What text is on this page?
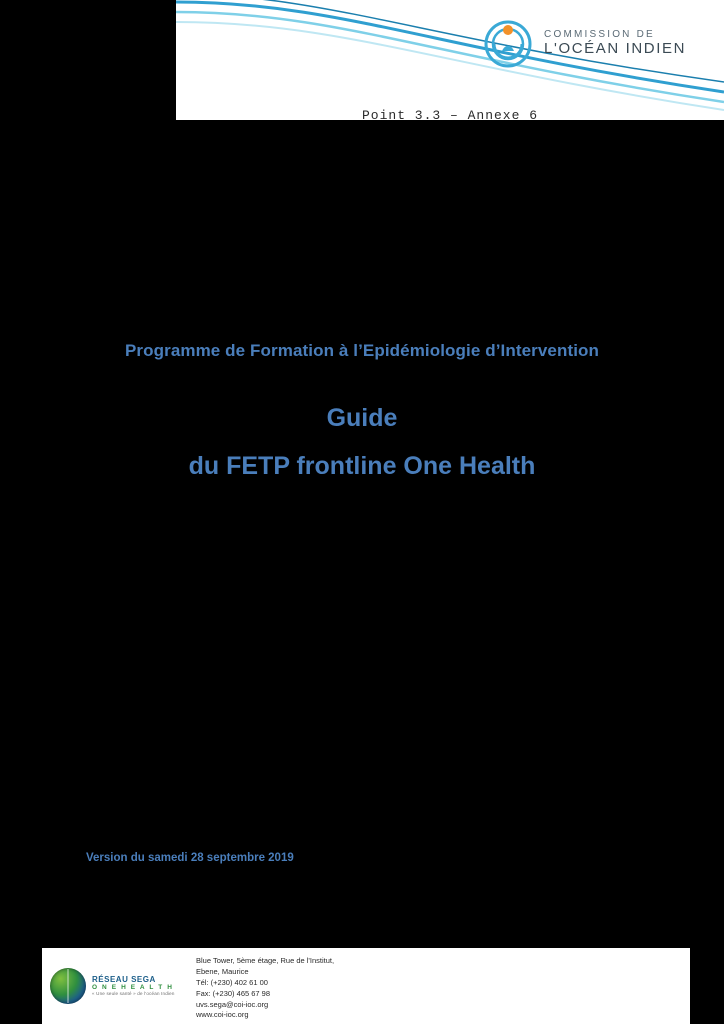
COMMISSION DE
L'OCÉAN INDIEN
Point 3.3 – Annexe 6

Programme de Formation à l’Epidémiologie d’Intervention

Guide

du FETP frontline One Health

Version du samedi 28 septembre 2019
RÉSEAU SEGA
O N E H E A L T H
« Une seule santé » de l'océan Indien
Blue Tower, 5ème étage, Rue de l'Institut,
Ebene, Maurice
Tél: (+230) 402 61 00
Fax: (+230) 465 67 98
uvs.sega@coi-ioc.org
www.coi-ioc.org
